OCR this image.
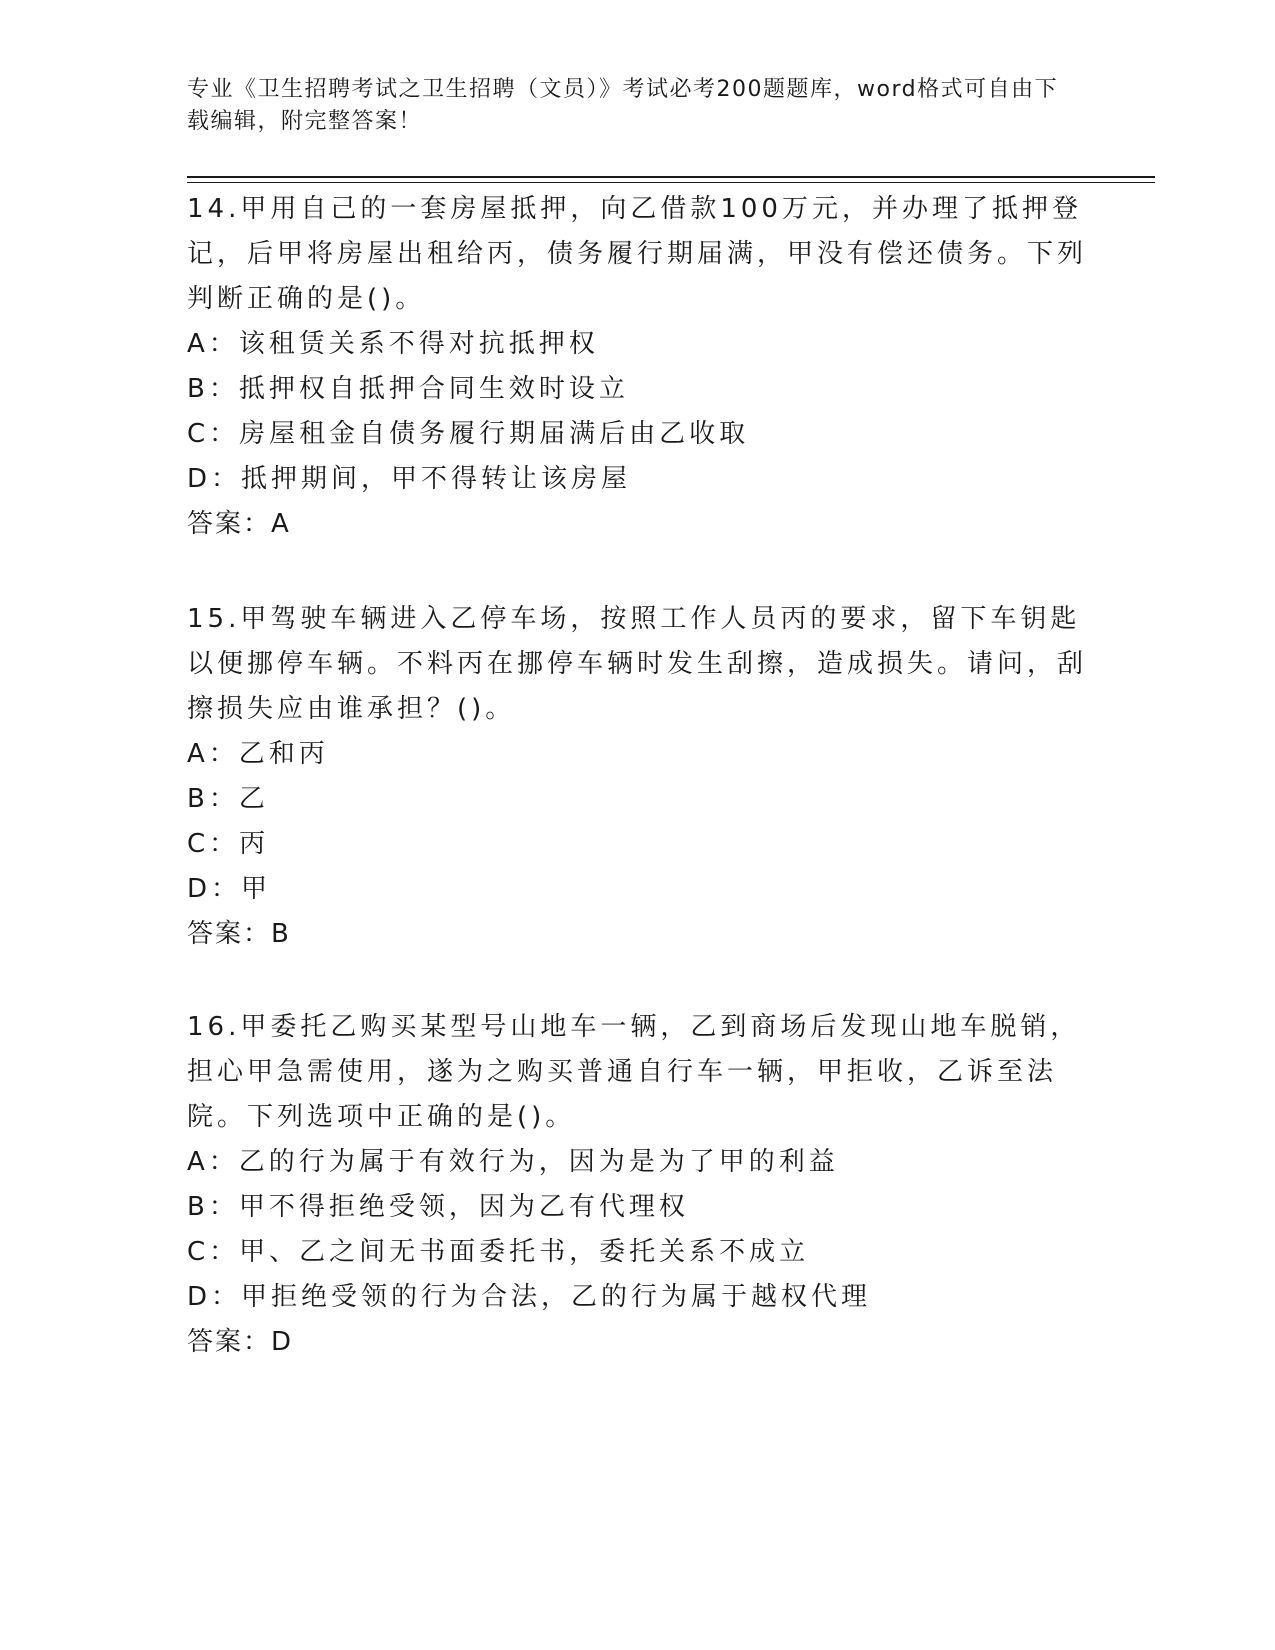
专业《卫生招聘考试之卫生招聘（文员）》考试必考200题题库，word格式可自由下载编辑，附完整答案！

14.甲用自己的一套房屋抵押，向乙借款100万元，并办理了抵押登记，后甲将房屋出租给丙，债务履行期届满，甲没有偿还债务。下列判断正确的是()。

A：该租赁关系不得对抗抵押权

B：抵押权自抵押合同生效时设立

C：房屋租金自债务履行期届满后由乙收取

D：抵押期间，甲不得转让该房屋

答案：A

15.甲驾驶车辆进入乙停车场，按照工作人员丙的要求，留下车钥匙以便挪停车辆。不料丙在挪停车辆时发生刮擦，造成损失。请问，刮擦损失应由谁承担？()。

A：乙和丙

B：乙

C：丙

D：甲

答案：B

16.甲委托乙购买某型号山地车一辆，乙到商场后发现山地车脱销，担心甲急需使用，遂为之购买普通自行车一辆，甲拒收，乙诉至法院。下列选项中正确的是()。

A：乙的行为属于有效行为，因为是为了甲的利益

B：甲不得拒绝受领，因为乙有代理权

C：甲、乙之间无书面委托书，委托关系不成立

D：甲拒绝受领的行为合法，乙的行为属于越权代理

答案：D
